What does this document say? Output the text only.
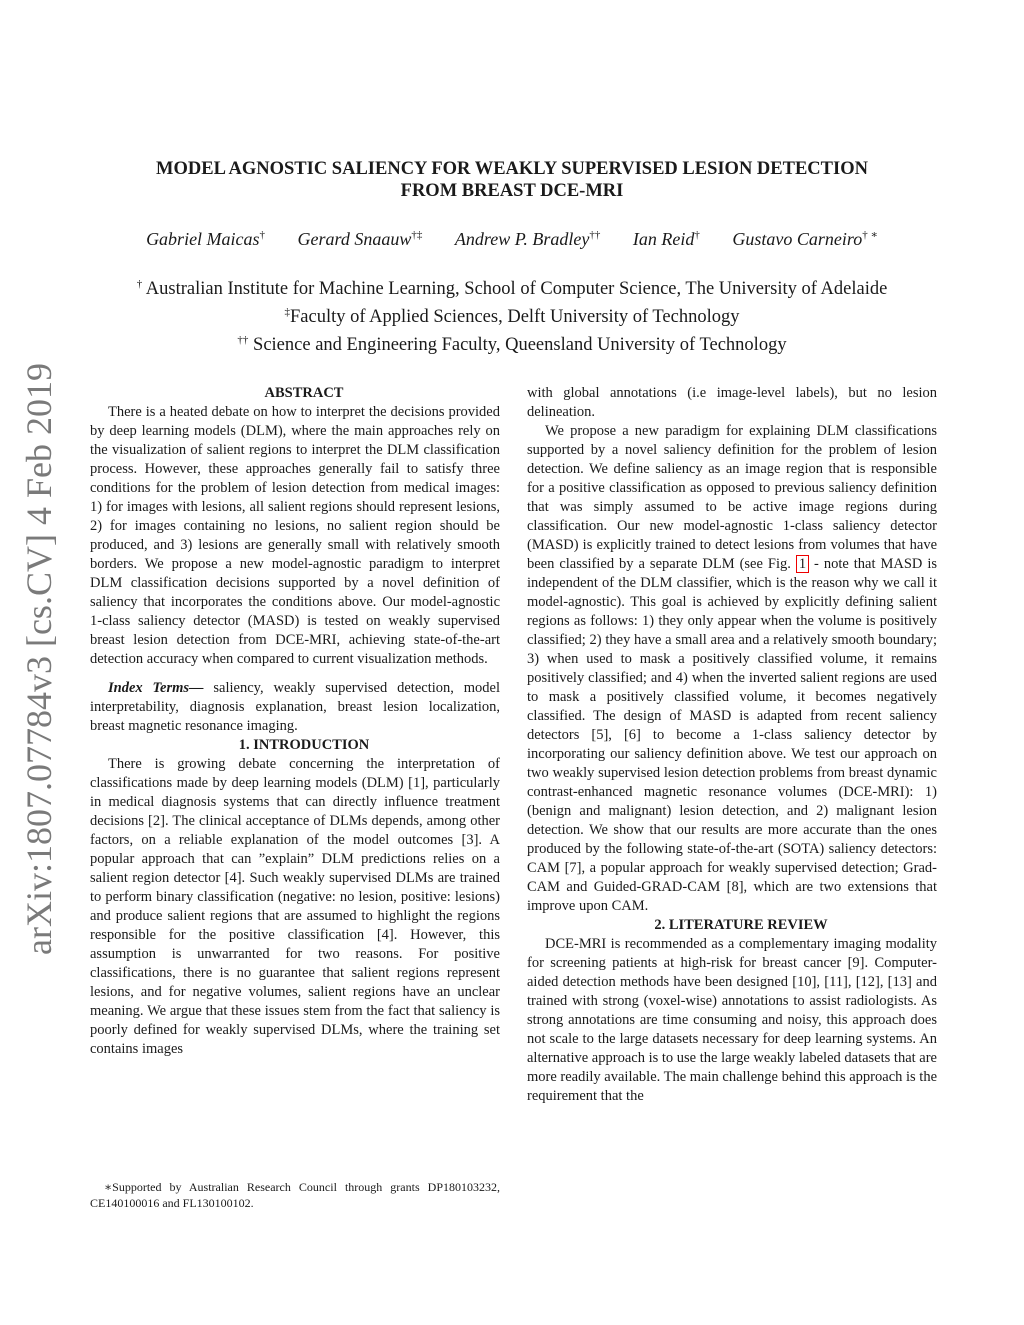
MODEL AGNOSTIC SALIENCY FOR WEAKLY SUPERVISED LESION DETECTION
FROM BREAST DCE-MRI
Gabriel Maicas† Gerard Snaauw†‡ Andrew P. Bradley†† Ian Reid† Gustavo Carneiro† ∗
† Australian Institute for Machine Learning, School of Computer Science, The University of Adelaide
‡Faculty of Applied Sciences, Delft University of Technology
†† Science and Engineering Faculty, Queensland University of Technology
arXiv:1807.07784v3 [cs.CV] 4 Feb 2019	ABSTRACT

There is a heated debate on how to interpret the decisions provided by deep learning models (DLM), where the main approaches rely on the visualization of salient regions to interpret the DLM classification process. However, these approaches generally fail to satisfy three conditions for the problem of lesion detection from medical images: 1) for images with lesions, all salient regions should represent lesions, 2) for images containing no lesions, no salient region should be produced, and 3) lesions are generally small with relatively smooth borders. We propose a new model-agnostic paradigm to interpret DLM classification decisions supported by a novel definition of saliency that incorporates the conditions above. Our model-agnostic 1-class saliency detector (MASD) is tested on weakly supervised breast lesion detection from DCE-MRI, achieving state-of-the-art detection accuracy when compared to current visualization methods.

Index Terms— saliency, weakly supervised detection, model interpretability, diagnosis explanation, breast lesion localization, breast magnetic resonance imaging.

1. INTRODUCTION

There is growing debate concerning the interpretation of classifications made by deep learning models (DLM) [1], particularly in medical diagnosis systems that can directly influence treatment decisions [2]. The clinical acceptance of DLMs depends, among other factors, on a reliable explanation of the model outcomes [3]. A popular approach that can ”explain” DLM predictions relies on a salient region detector [4]. Such weakly supervised DLMs are trained to perform binary classification (negative: no lesion, positive: lesions) and produce salient regions that are assumed to highlight the regions responsible for the positive classification [4]. However, this assumption is unwarranted for two reasons. For positive classifications, there is no guarantee that salient regions represent lesions, and for negative volumes, salient regions have an unclear meaning. We argue that these issues stem from the fact that saliency is poorly defined for weakly supervised DLMs, where the training set contains images

∗Supported by Australian Research Council through grants DP180103232, CE140100016 and FL130100102.

with global annotations (i.e image-level labels), but no lesion delineation.

We propose a new paradigm for explaining DLM classifications supported by a novel saliency definition for the problem of lesion detection. We define saliency as an image region that is responsible for a positive classification as opposed to previous saliency definition that was simply assumed to be active image regions during classification. Our new model-agnostic 1-class saliency detector (MASD) is explicitly trained to detect lesions from volumes that have been classified by a separate DLM (see Fig. 1 - note that MASD is independent of the DLM classifier, which is the reason why we call it model-agnostic). This goal is achieved by explicitly defining salient regions as follows: 1) they only appear when the volume is positively classified; 2) they have a small area and a relatively smooth boundary; 3) when used to mask a positively classified volume, it remains positively classified; and 4) when the inverted salient regions are used to mask a positively classified volume, it becomes negatively classified. The design of MASD is adapted from recent saliency detectors [5], [6] to become a 1-class saliency detector by incorporating our saliency definition above. We test our approach on two weakly supervised lesion detection problems from breast dynamic contrast-enhanced magnetic resonance volumes (DCE-MRI): 1) (benign and malignant) lesion detection, and 2) malignant lesion detection. We show that our results are more accurate than the ones produced by the following state-of-the-art (SOTA) saliency detectors: CAM [7], a popular approach for weakly supervised detection; Grad-CAM and Guided-GRAD-CAM [8], which are two extensions that improve upon CAM.

2. LITERATURE REVIEW

DCE-MRI is recommended as a complementary imaging modality for screening patients at high-risk for breast cancer [9]. Computer-aided detection methods have been designed [10], [11], [12], [13] and trained with strong (voxel-wise) annotations to assist radiologists. As strong annotations are time consuming and noisy, this approach does not scale to the large datasets necessary for deep learning systems. An alternative approach is to use the large weakly labeled datasets that are more readily available. The main challenge behind this approach is the requirement that the
